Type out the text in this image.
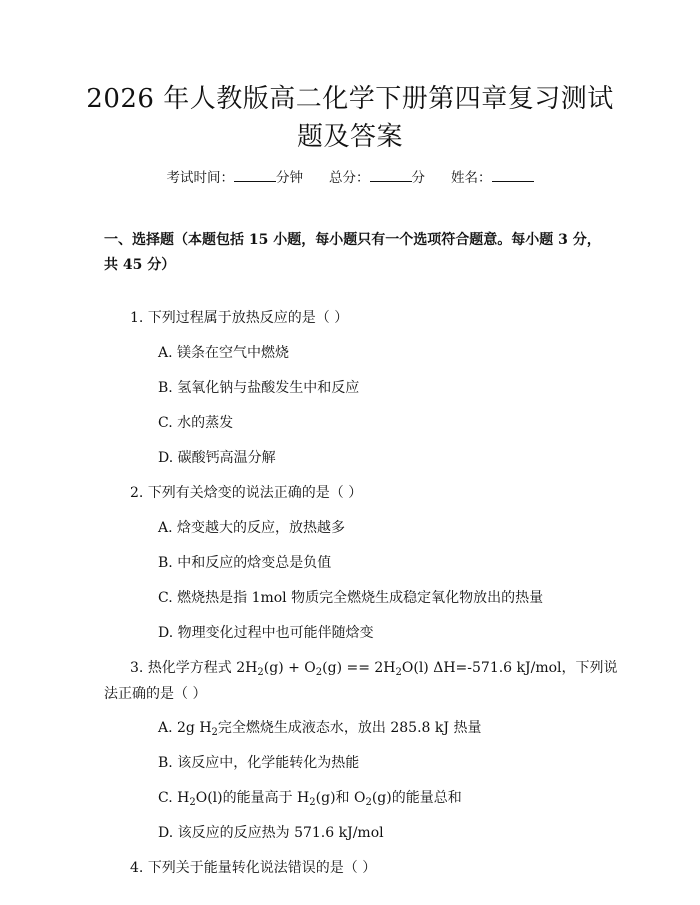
2026 年人教版高二化学下册第四章复习测试
题及答案
考试时间：	分钟 总分：	分 姓名：
一、选择题（本题包括 15 小题，每小题只有一个选项符合题意。每小题 3 分，共 45 分）
1. 下列过程属于放热反应的是（ ）
A. 镁条在空气中燃烧
B. 氢氧化钠与盐酸发生中和反应
C. 水的蒸发
D. 碳酸钙高温分解
2. 下列有关焓变的说法正确的是（ ）
A. 焓变越大的反应，放热越多
B. 中和反应的焓变总是负值
C. 燃烧热是指 1mol 物质完全燃烧生成稳定氧化物放出的热量
D. 物理变化过程中也可能伴随焓变
3. 热化学方程式 $2H_2(g) + O_2(g) == 2H_2O(l)$ ΔH=-571.6 kJ/mol，下列说法正确的是（ ）
A. 2g $H_2$完全燃烧生成液态水，放出 285.8 kJ 热量
B. 该反应中，化学能转化为热能
C. $H_2O(l)$的能量高于 $H_2(g)$和 $O_2(g)$的能量总和
D. 该反应的反应热为 571.6 kJ/mol
4. 下列关于能量转化说法错误的是（ ）
